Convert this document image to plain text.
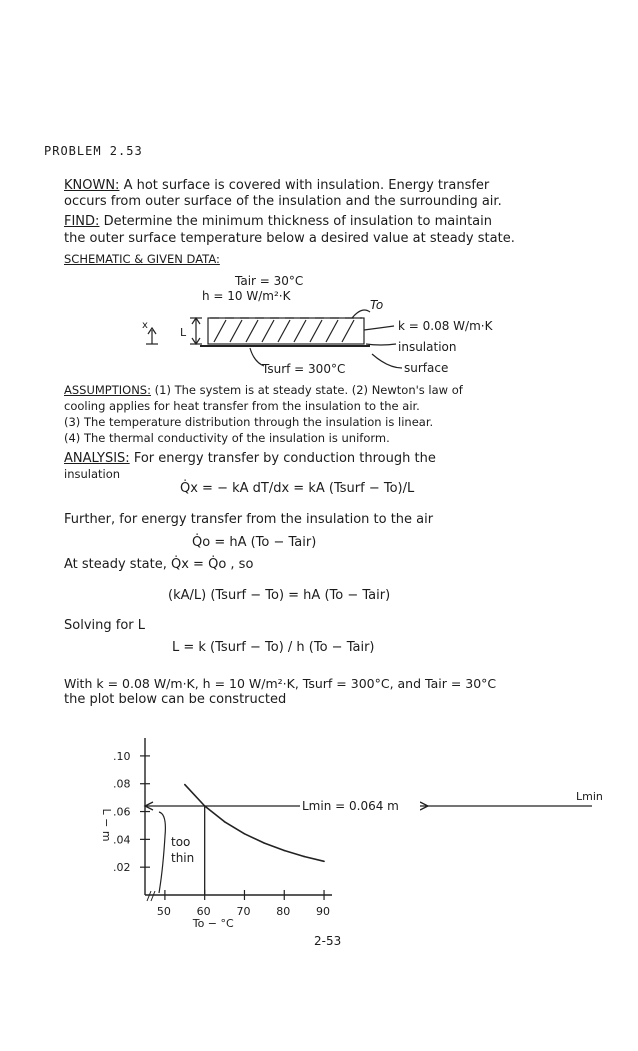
PROBLEM 2.53
KNOWN: A hot surface is covered with insulation. Energy transfer
occurs from outer surface of the insulation and the surrounding air.
FIND: Determine the minimum thickness of insulation to maintain
the outer surface temperature below a desired value at steady state.
SCHEMATIC & GIVEN DATA:
Tair = 30°C
h = 10 W/m²·K
To
L
x	k = 0.08 W/m·K
insulation
surface
Tsurf = 300°C
ASSUMPTIONS: (1) The system is at steady state. (2) Newton's law of
cooling applies for heat transfer from the insulation to the air.
(3) The temperature distribution through the insulation is linear.
(4) The thermal conductivity of the insulation is uniform.
ANALYSIS: For energy transfer by conduction through the
insulation
Q̇x = − kA dT/dx = kA (Tsurf − To)/L
Further, for energy transfer from the insulation to the air
Q̇o = hA (To − Tair)
At steady state, Q̇x = Q̇o , so
(kA/L) (Tsurf − To) = hA (To − Tair)
Solving for L
L = k (Tsurf − To) / h (To − Tair)
With k = 0.08 W/m·K, h = 10 W/m²·K, Tsurf = 300°C, and Tair = 30°C
the plot below can be constructed
.10
.08
.06
.04
.02
50 60 70 80 90
To − °C
L − m
Lmin = 0.064 m
Lmin
too
thin
2-53
